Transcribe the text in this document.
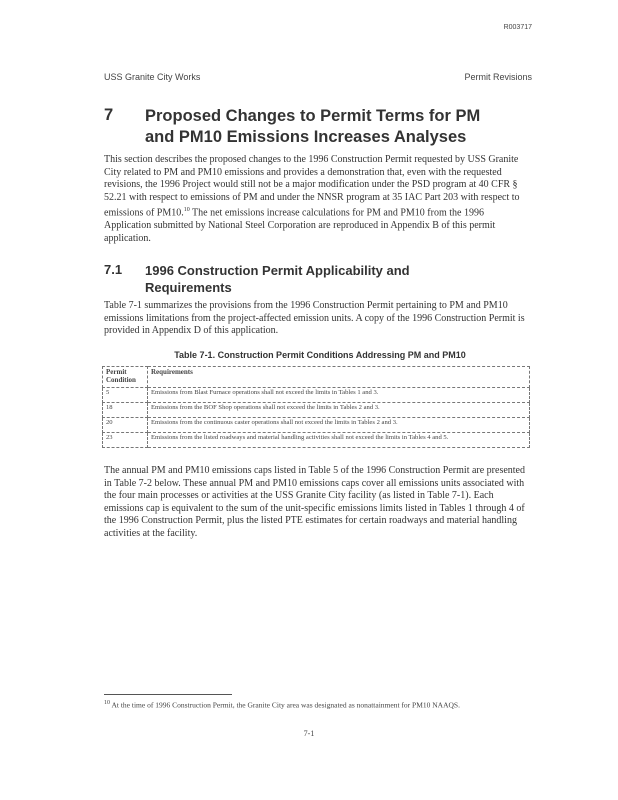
R003717
USS Granite City Works	Permit Revisions
7 Proposed Changes to Permit Terms for PM and PM10 Emissions Increases Analyses
This section describes the proposed changes to the 1996 Construction Permit requested by USS Granite City related to PM and PM10 emissions and provides a demonstration that, even with the requested revisions, the 1996 Project would still not be a major modification under the PSD program at 40 CFR § 52.21 with respect to emissions of PM and under the NNSR program at 35 IAC Part 203 with respect to emissions of PM10.10 The net emissions increase calculations for PM and PM10 from the 1996 Application submitted by National Steel Corporation are reproduced in Appendix B of this permit application.
7.1 1996 Construction Permit Applicability and Requirements
Table 7-1 summarizes the provisions from the 1996 Construction Permit pertaining to PM and PM10 emissions limitations from the project-affected emission units. A copy of the 1996 Construction Permit is provided in Appendix D of this application.
Table 7-1. Construction Permit Conditions Addressing PM and PM10
Permit Condition	Requirements
5	Emissions from Blast Furnace operations shall not exceed the limits in Tables 1 and 3.
18	Emissions from the BOF Shop operations shall not exceed the limits in Tables 2 and 3.
20	Emissions from the continuous caster operations shall not exceed the limits in Tables 2 and 3.
23	Emissions from the listed roadways and material handling activities shall not exceed the limits in Tables 4 and 5.
The annual PM and PM10 emissions caps listed in Table 5 of the 1996 Construction Permit are presented in Table 7-2 below. These annual PM and PM10 emissions caps cover all emissions units associated with the four main processes or activities at the USS Granite City facility (as listed in Table 7-1). Each emissions cap is equivalent to the sum of the unit-specific emissions limits listed in Tables 1 through 4 of the 1996 Construction Permit, plus the listed PTE estimates for certain roadways and material handling activities at the facility.
$^{10}$ At the time of 1996 Construction Permit, the Granite City area was designated as nonattainment for PM10 NAAQS.
7-1
